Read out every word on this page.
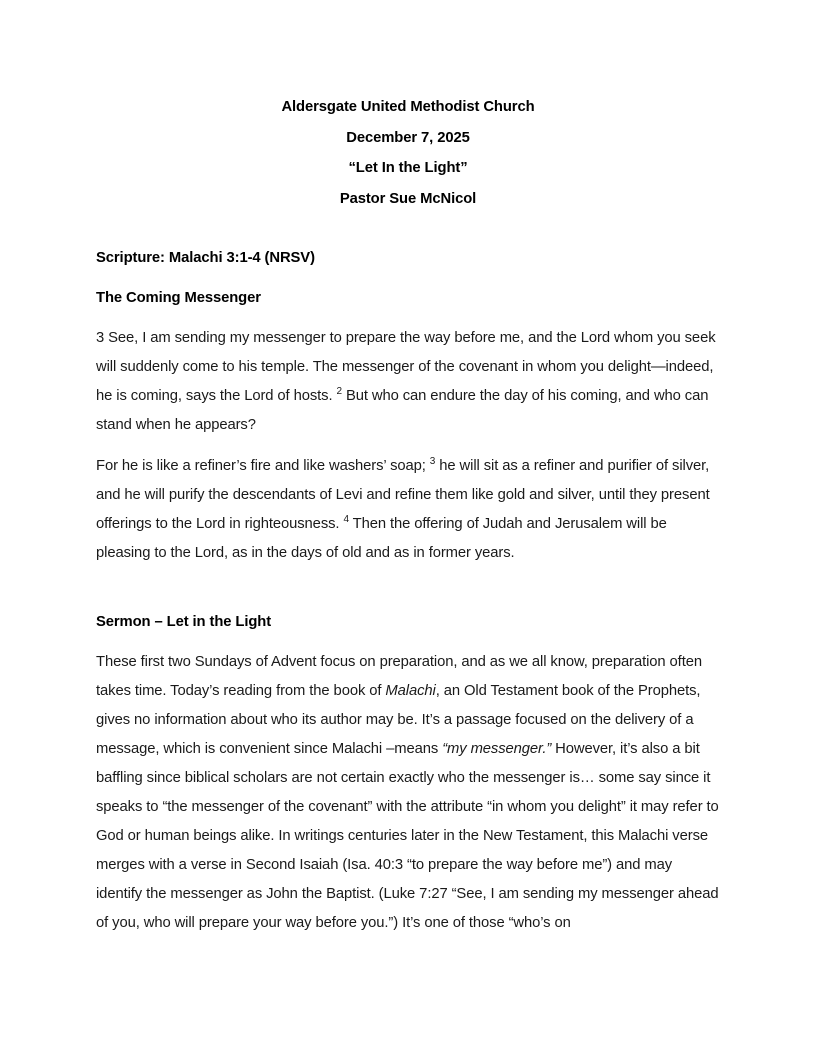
Aldersgate United Methodist Church

December 7, 2025

“Let In the Light”

Pastor Sue McNicol

Scripture: Malachi 3:1-4 (NRSV)

The Coming Messenger

3 See, I am sending my messenger to prepare the way before me, and the Lord whom you seek will suddenly come to his temple. The messenger of the covenant in whom you delight—indeed, he is coming, says the Lord of hosts. $^2$ But who can endure the day of his coming, and who can stand when he appears?

For he is like a refiner’s fire and like washers’ soap; $^3$ he will sit as a refiner and purifier of silver, and he will purify the descendants of Levi and refine them like gold and silver, until they present offerings to the Lord in righteousness. $^4$ Then the offering of Judah and Jerusalem will be pleasing to the Lord, as in the days of old and as in former years.

Sermon – Let in the Light

These first two Sundays of Advent focus on preparation, and as we all know, preparation often takes time. Today’s reading from the book of Malachi, an Old Testament book of the Prophets, gives no information about who its author may be. It’s a passage focused on the delivery of a message, which is convenient since Malachi –means “my messenger.” However, it’s also a bit baffling since biblical scholars are not certain exactly who the messenger is… some say since it speaks to “the messenger of the covenant” with the attribute “in whom you delight” it may refer to God or human beings alike. In writings centuries later in the New Testament, this Malachi verse merges with a verse in Second Isaiah (Isa. 40:3 “to prepare the way before me”) and may identify the messenger as John the Baptist. (Luke 7:27 “See, I am sending my messenger ahead of you, who will prepare your way before you.”) It’s one of those “who’s on
